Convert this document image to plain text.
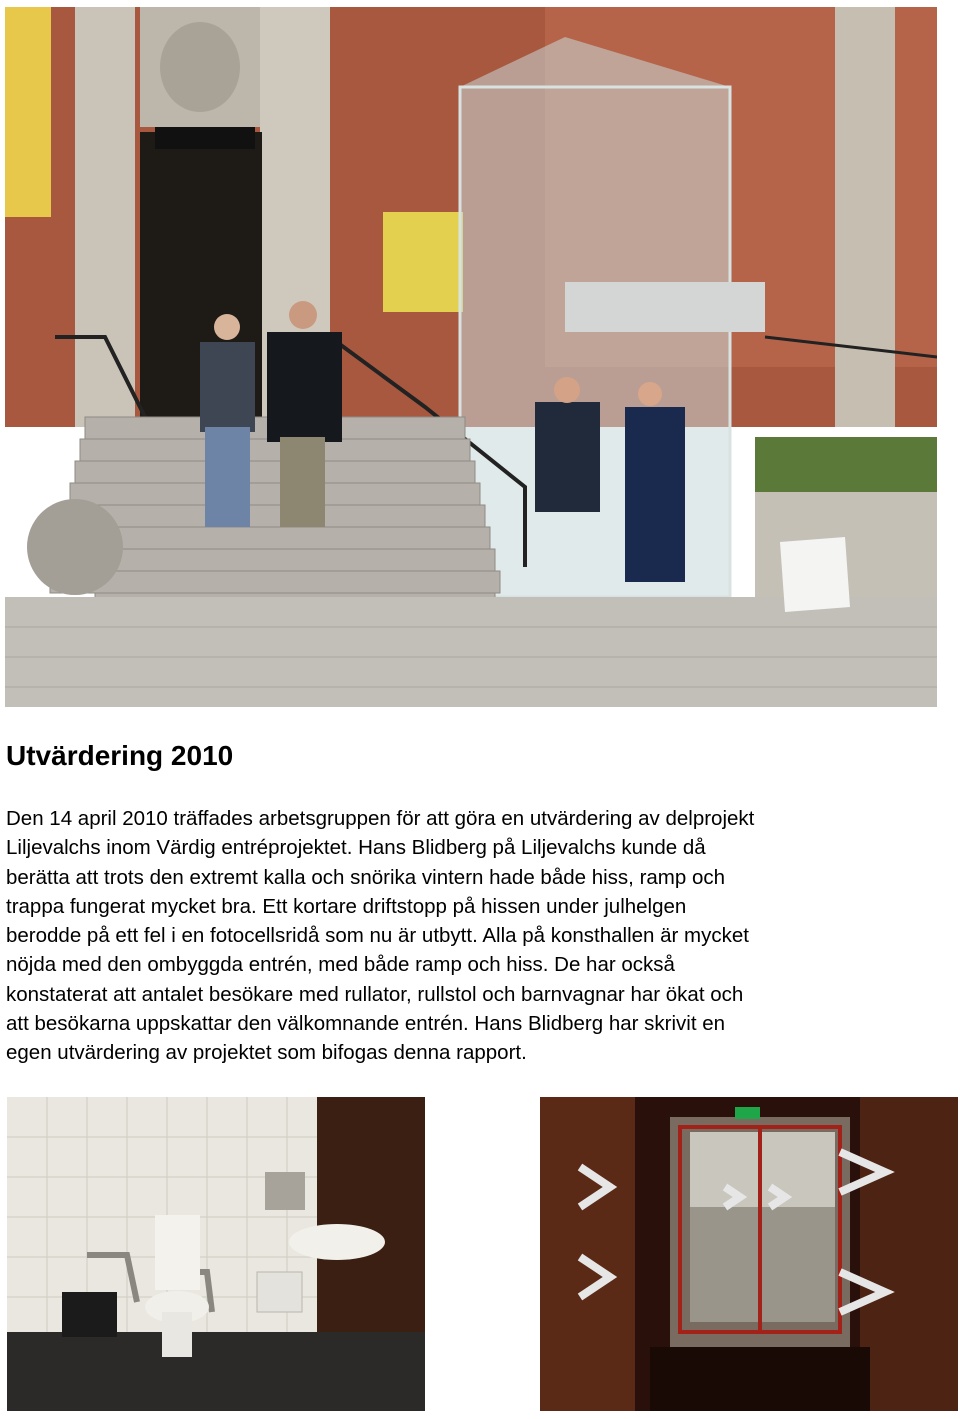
Utvärdering 2010

Den 14 april 2010 träffades arbetsgruppen för att göra en utvärdering av delprojekt
Liljevalchs inom Värdig entréprojektet. Hans Blidberg på Liljevalchs kunde då
berätta att trots den extremt kalla och snörika vintern hade både hiss, ramp och
trappa fungerat mycket bra. Ett kortare driftstopp på hissen under julhelgen
berodde på ett fel i en fotocellsridå som nu är utbytt. Alla på konsthallen är mycket
nöjda med den ombyggda entrén, med både ramp och hiss. De har också
konstaterat att antalet besökare med rullator, rullstol och barnvagnar har ökat och
att besökarna uppskattar den välkomnande entrén. Hans Blidberg har skrivit en
egen utvärdering av projektet som bifogas denna rapport.
